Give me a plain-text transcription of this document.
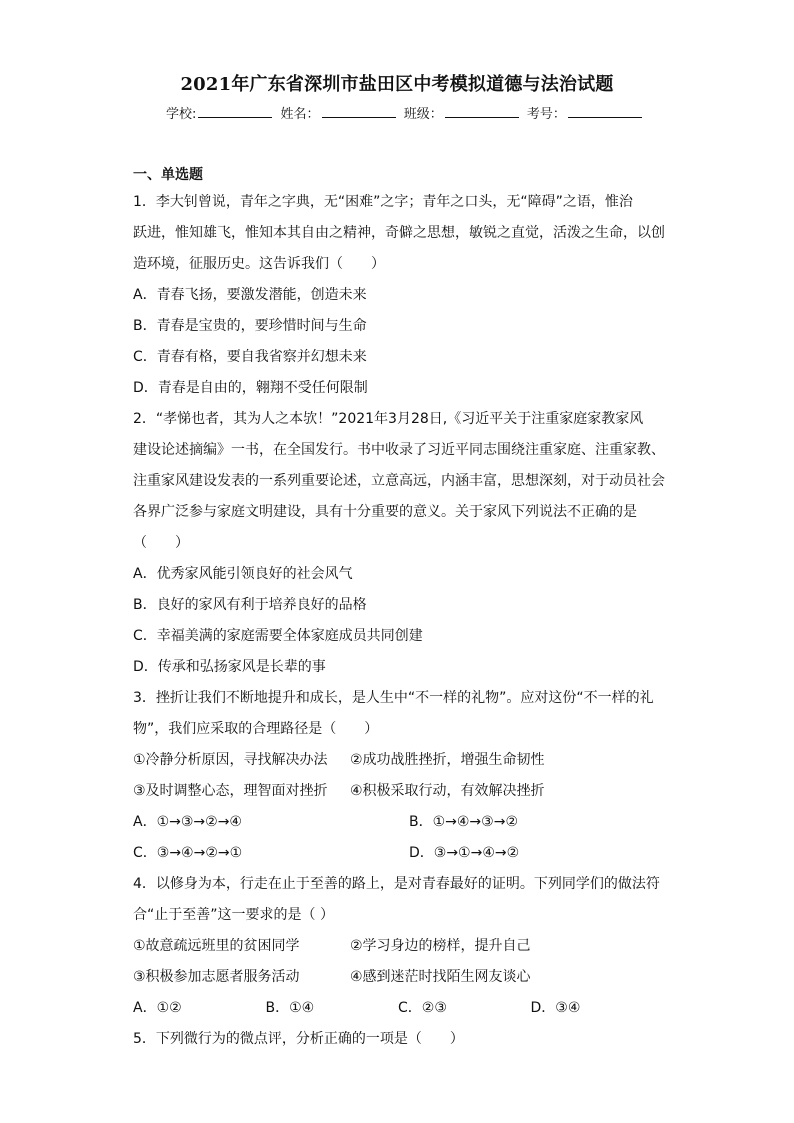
2021年广东省深圳市盐田区中考模拟道德与法治试题
学校:	姓名：	班级：	考号：
一、单选题
1．李大钊曾说，青年之字典，无“困难”之字；青年之口头，无“障碍”之语，惟治
跃进，惟知雄飞，惟知本其自由之精神，奇僻之思想，敏锐之直觉，活泼之生命，以创
造环境，征服历史。这告诉我们（　　）
A．青春飞扬，要激发潜能，创造未来
B．青春是宝贵的，要珍惜时间与生命
C．青春有格，要自我省察并幻想未来
D．青春是自由的，翱翔不受任何限制
2．“孝悌也者，其为人之本欤！”2021年3月28日,《习近平关于注重家庭家教家风
建设论述摘编》一书，在全国发行。书中收录了习近平同志围绕注重家庭、注重家教、
注重家风建设发表的一系列重要论述，立意高远，内涵丰富，思想深刻，对于动员社会
各界广泛参与家庭文明建设，具有十分重要的意义。关于家风下列说法不正确的是
（　　）
A．优秀家风能引领良好的社会风气
B．良好的家风有利于培养良好的品格
C．幸福美满的家庭需要全体家庭成员共同创建
D．传承和弘扬家风是长辈的事
3．挫折让我们不断地提升和成长，是人生中“不一样的礼物”。应对这份“不一样的礼
物”，我们应采取的合理路径是（　　）
①冷静分析原因，寻找解决办法	②成功战胜挫折，增强生命韧性
③及时调整心态，理智面对挫折	④积极采取行动，有效解决挫折
A．①→③→②→④	B．①→④→③→②
C．③→④→②→①	D．③→①→④→②
4．以修身为本，行走在止于至善的路上，是对青春最好的证明。下列同学们的做法符
合“止于至善”这一要求的是（ ）
①故意疏远班里的贫困同学	②学习身边的榜样，提升自己
③积极参加志愿者服务活动	④感到迷茫时找陌生网友谈心
A．①②	B．①④	C．②③	D．③④
5．下列微行为的微点评，分析正确的一项是（　　）
